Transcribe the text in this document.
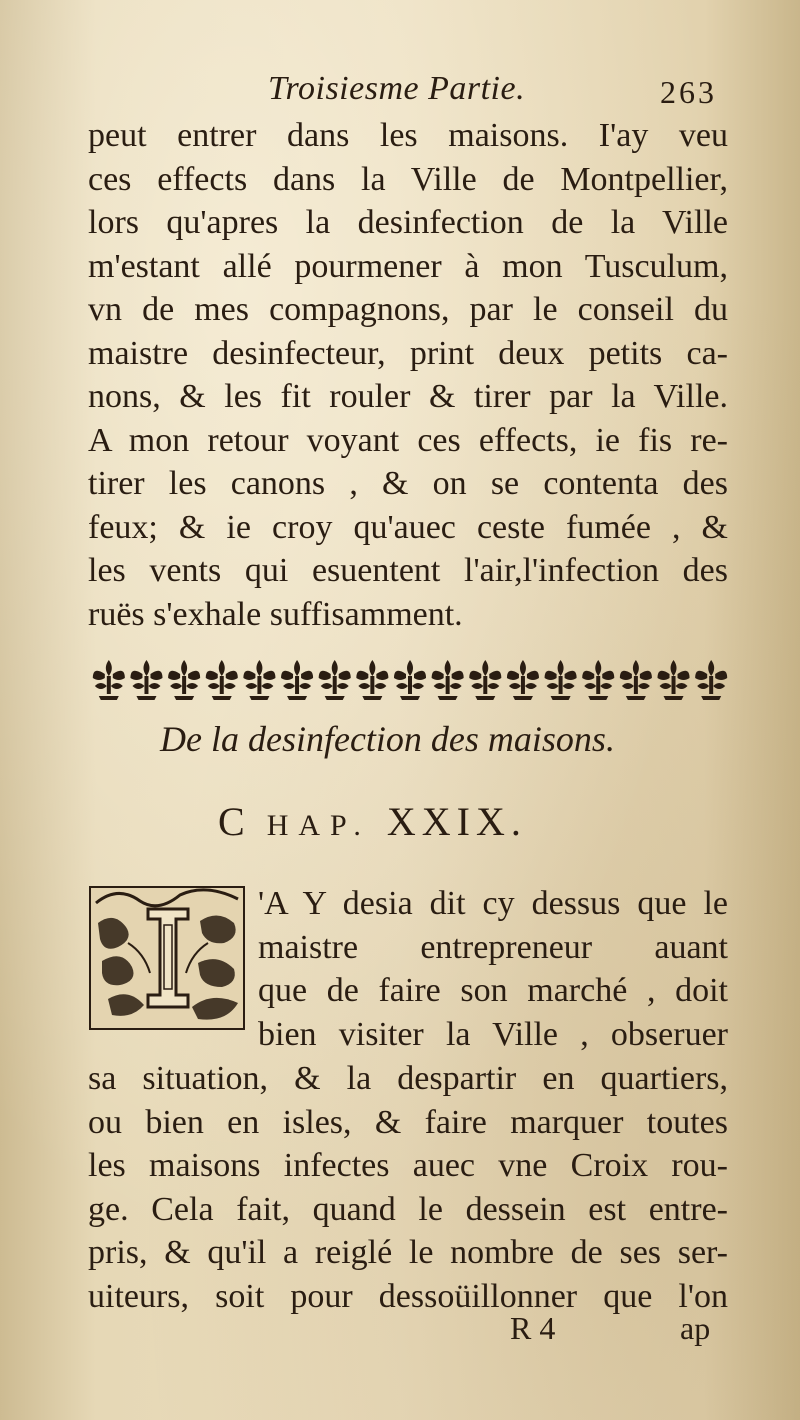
Troisiesme Partie.	263
peut entrer dans les maisons. I'ay veu
ces effects dans la Ville de Montpellier,
lors qu'apres la desinfection de la Ville
m'estant allé pourmener à mon Tusculum,
vn de mes compagnons, par le conseil du
maistre desinfecteur, print deux petits ca-
nons, & les fit rouler & tirer par la Ville.
A mon retour voyant ces effects, ie fis re-
tirer les canons , & on se contenta des
feux; & ie croy qu'auec ceste fumée , &
les vents qui esuentent l'air,l'infection des
ruës s'exhale suffisamment.
De la desinfection des maisons.
C HAP. XXIX.
'A Y desia dit cy dessus que le
maistre entrepreneur auant
que de faire son marché , doit
bien visiter la Ville , obseruer
sa situation, & la despartir en quartiers,
ou bien en isles, & faire marquer toutes
les maisons infectes auec vne Croix rou-
ge. Cela fait, quand le dessein est entre-
pris, & qu'il a reiglé le nombre de ses ser-
uiteurs, soit pour dessoüillonner que l'on
R 4	ap
